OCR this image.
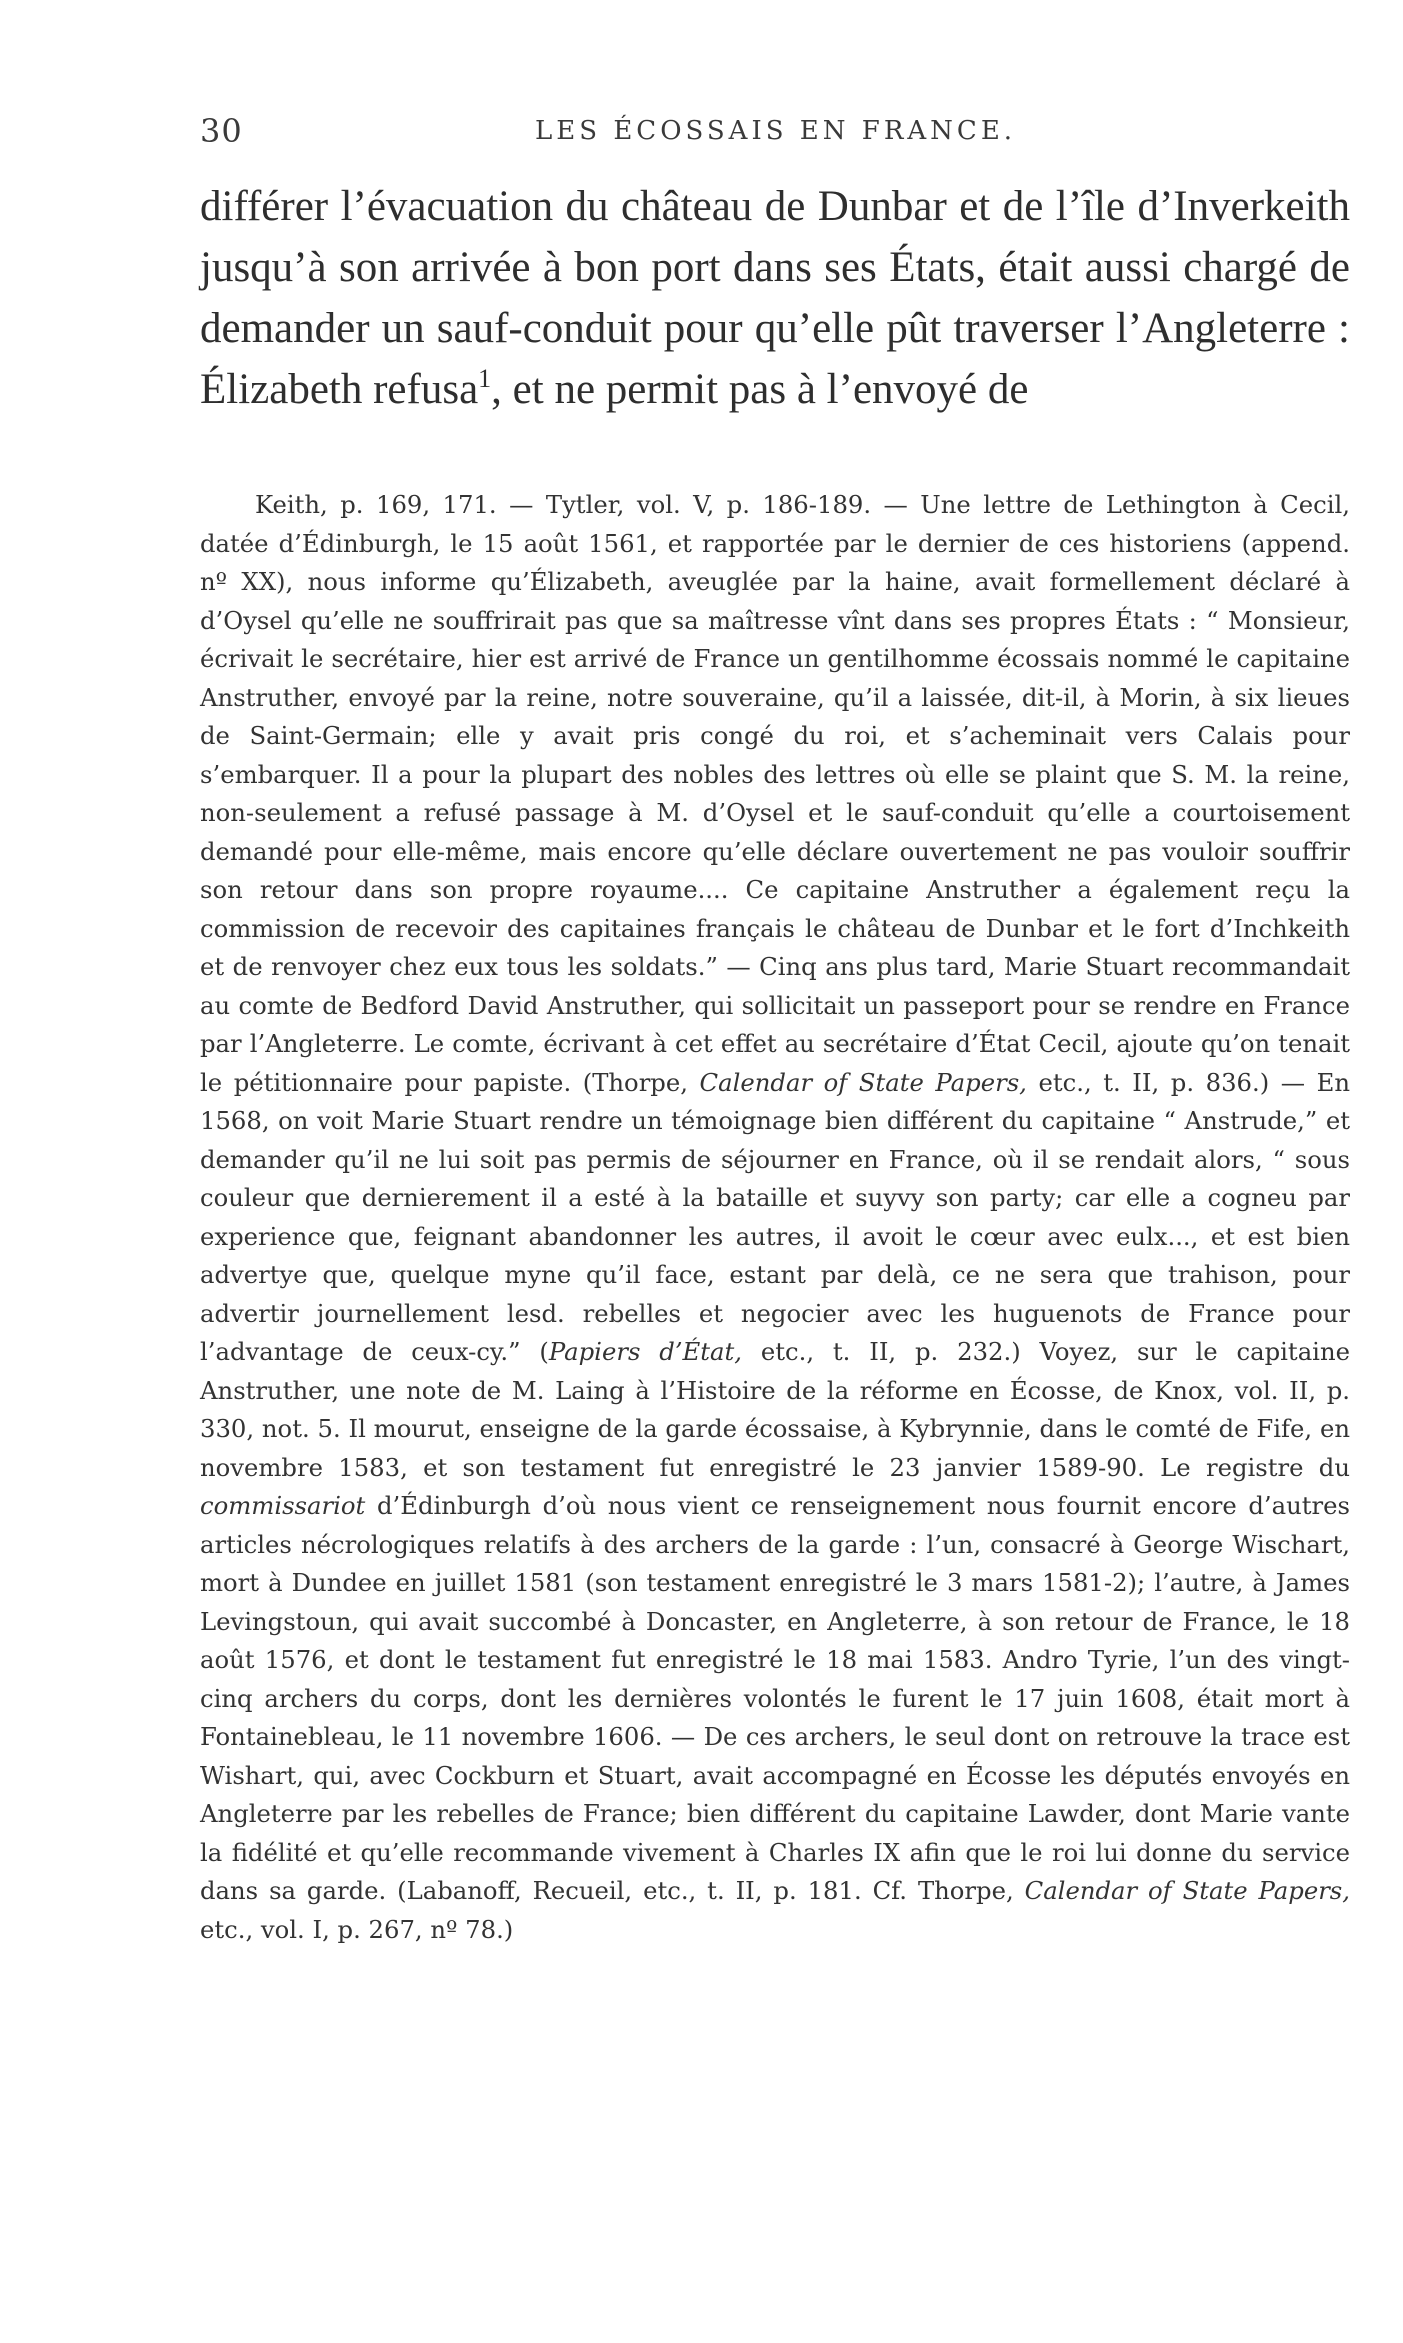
30	LES ÉCOSSAIS EN FRANCE.
différer l’évacuation du château de Dunbar et de l’île d’Inverkeith jusqu’à son arrivée à bon port dans ses États, était aussi chargé de demander un sauf-conduit pour qu’elle pût traverser l’Angleterre : Élizabeth refusa$^1$, et ne permit pas à l’envoyé de

Keith, p. 169, 171. — Tytler, vol. V, p. 186-189. — Une lettre de Lethington à Cecil, datée d’Édinburgh, le 15 août 1561, et rapportée par le dernier de ces historiens (append. nº XX), nous informe qu’Élizabeth, aveuglée par la haine, avait formellement déclaré à d’Oysel qu’elle ne souffrirait pas que sa maîtresse vînt dans ses propres États : “ Monsieur, écrivait le secrétaire, hier est arrivé de France un gentilhomme écossais nommé le capitaine Anstruther, envoyé par la reine, notre souveraine, qu’il a laissée, dit-il, à Morin, à six lieues de Saint-Germain; elle y avait pris congé du roi, et s’acheminait vers Calais pour s’embarquer. Il a pour la plupart des nobles des lettres où elle se plaint que S. M. la reine, non-seulement a refusé passage à M. d’Oysel et le sauf-conduit qu’elle a courtoisement demandé pour elle-même, mais encore qu’elle déclare ouvertement ne pas vouloir souffrir son retour dans son propre royaume.... Ce capitaine Anstruther a également reçu la commission de recevoir des capitaines français le château de Dunbar et le fort d’Inchkeith et de renvoyer chez eux tous les soldats.” — Cinq ans plus tard, Marie Stuart recommandait au comte de Bedford David Anstruther, qui sollicitait un passeport pour se rendre en France par l’Angleterre. Le comte, écrivant à cet effet au secrétaire d’État Cecil, ajoute qu’on tenait le pétitionnaire pour papiste. (Thorpe, Calendar of State Papers, etc., t. II, p. 836.) — En 1568, on voit Marie Stuart rendre un témoignage bien différent du capitaine “ Anstrude,” et demander qu’il ne lui soit pas permis de séjourner en France, où il se rendait alors, “ sous couleur que dernierement il a esté à la bataille et suyvy son party; car elle a cogneu par experience que, feignant abandonner les autres, il avoit le cœur avec eulx..., et est bien advertye que, quelque myne qu’il face, estant par delà, ce ne sera que trahison, pour advertir journellement lesd. rebelles et negocier avec les huguenots de France pour l’advantage de ceux-cy.” (Papiers d’État, etc., t. II, p. 232.) Voyez, sur le capitaine Anstruther, une note de M. Laing à l’Histoire de la réforme en Écosse, de Knox, vol. II, p. 330, not. 5. Il mourut, enseigne de la garde écossaise, à Kybrynnie, dans le comté de Fife, en novembre 1583, et son testament fut enregistré le 23 janvier 1589-90. Le registre du commissariot d’Édinburgh d’où nous vient ce renseignement nous fournit encore d’autres articles nécrologiques relatifs à des archers de la garde : l’un, consacré à George Wischart, mort à Dundee en juillet 1581 (son testament enregistré le 3 mars 1581-2); l’autre, à James Levingstoun, qui avait succombé à Doncaster, en Angleterre, à son retour de France, le 18 août 1576, et dont le testament fut enregistré le 18 mai 1583. Andro Tyrie, l’un des vingt-cinq archers du corps, dont les dernières volontés le furent le 17 juin 1608, était mort à Fontainebleau, le 11 novembre 1606. — De ces archers, le seul dont on retrouve la trace est Wishart, qui, avec Cockburn et Stuart, avait accompagné en Écosse les députés envoyés en Angleterre par les rebelles de France; bien différent du capitaine Lawder, dont Marie vante la fidélité et qu’elle recommande vivement à Charles IX afin que le roi lui donne du service dans sa garde. (Labanoff, Recueil, etc., t. II, p. 181. Cf. Thorpe, Calendar of State Papers, etc., vol. I, p. 267, nº 78.)
